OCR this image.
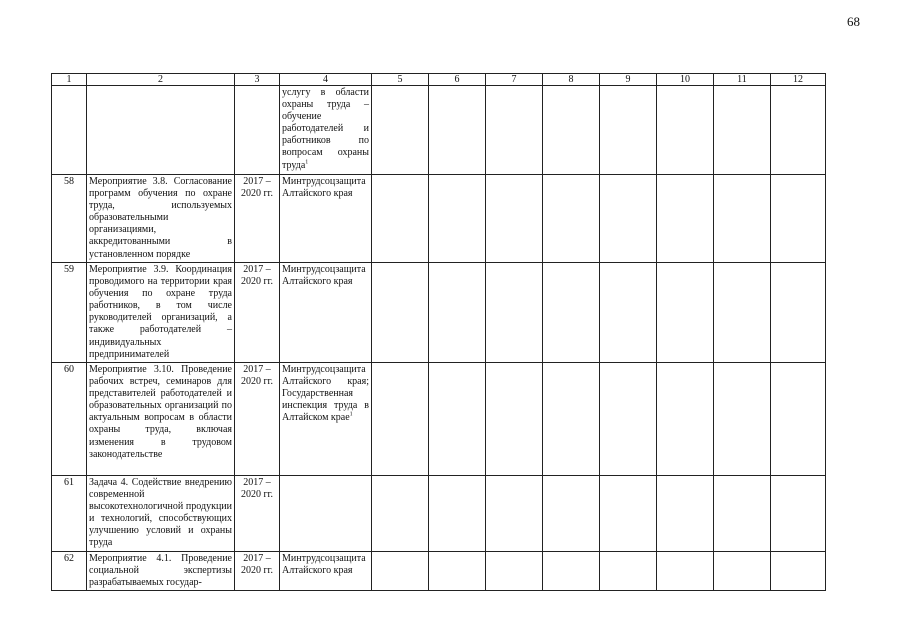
68
1	2	3	4	5	6	7	8	9	10	11	12
			услугу в области охраны труда – обучение работодателей и работников по вопросам охраны труда$^1$								
58	Мероприятие 3.8. Согласование программ обучения по охране труда, используемых образовательными организациями, аккредитованными в установленном порядке	2017 – 2020 гг.	Минтрудсоцзащита Алтайского края								
59	Мероприятие 3.9. Координация проводимого на территории края обучения по охране труда работников, в том числе руководителей организаций, а также работодателей – индивидуальных предпринимателей	2017 – 2020 гг.	Минтрудсоцзащита Алтайского края								
60	Мероприятие 3.10. Проведение рабочих встреч, семинаров для представителей работодателей и образовательных организаций по актуальным вопросам в области охраны труда, включая изменения в трудовом законодательстве	2017 – 2020 гг.	Минтрудсоцзащита Алтайского края; Государственная инспекция труда в Алтайском крае$^1$								
61	Задача 4. Содействие внедрению современной высокотехнологичной продукции и технологий, способствующих улучшению условий и охраны труда	2017 – 2020 гг.									
62	Мероприятие 4.1. Проведение социальной экспертизы разрабатываемых государ-	2017 – 2020 гг.	Минтрудсоцзащита Алтайского края								
